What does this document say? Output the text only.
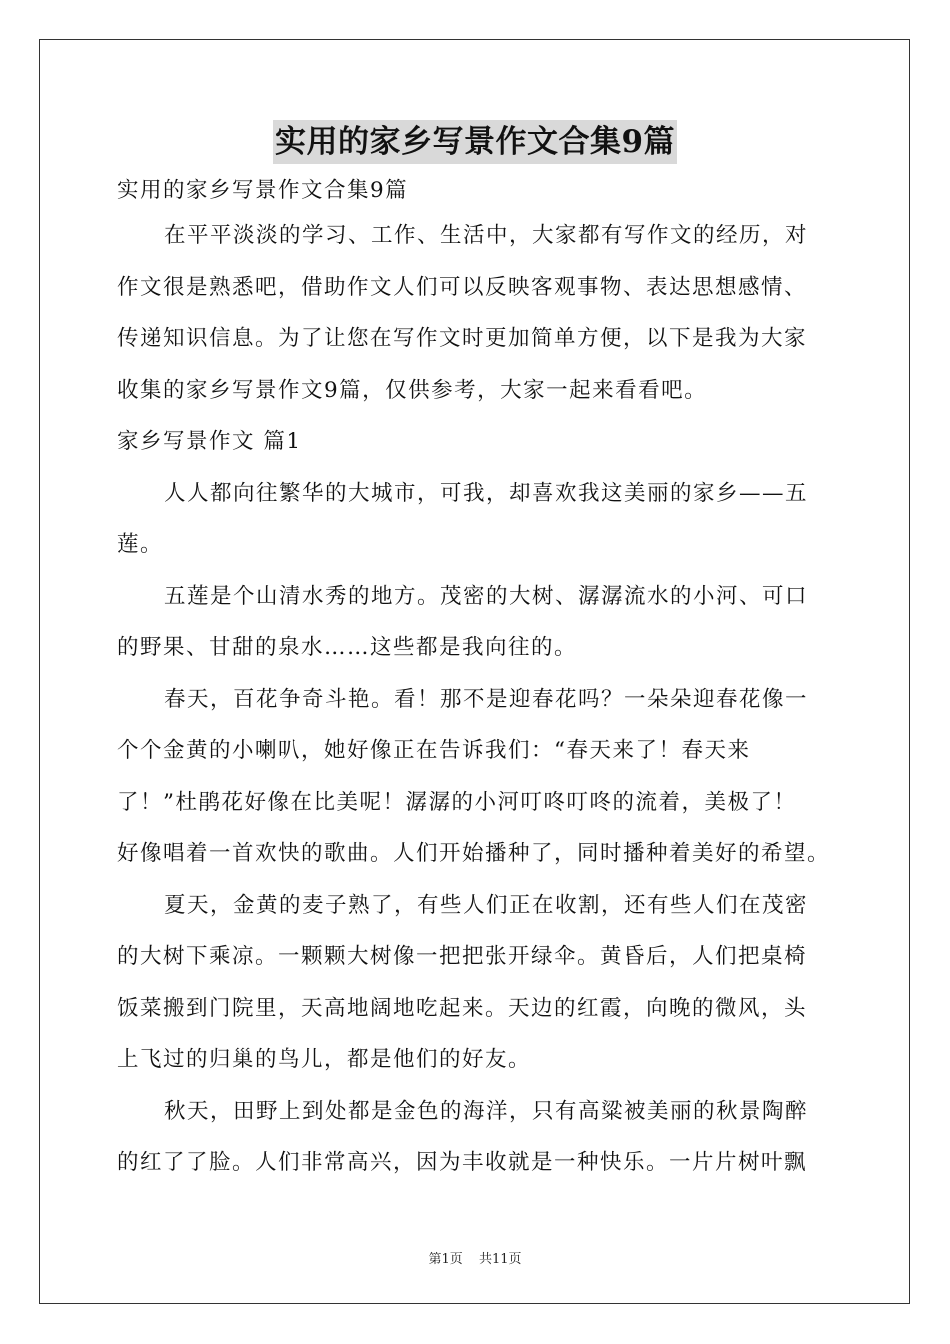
实用的家乡写景作文合集9篇

实用的家乡写景作文合集9篇

在平平淡淡的学习、工作、生活中，大家都有写作文的经历，对

作文很是熟悉吧，借助作文人们可以反映客观事物、表达思想感情、

传递知识信息。为了让您在写作文时更加简单方便，以下是我为大家

收集的家乡写景作文9篇，仅供参考，大家一起来看看吧。

家乡写景作文 篇1

人人都向往繁华的大城市，可我，却喜欢我这美丽的家乡——五

莲。

五莲是个山清水秀的地方。茂密的大树、潺潺流水的小河、可口

的野果、甘甜的泉水……这些都是我向往的。

春天，百花争奇斗艳。看！那不是迎春花吗？一朵朵迎春花像一

个个金黄的小喇叭，她好像正在告诉我们：“春天来了！春天来

了！”杜鹃花好像在比美呢！潺潺的小河叮咚叮咚的流着，美极了！

好像唱着一首欢快的歌曲。人们开始播种了，同时播种着美好的希望。

夏天，金黄的麦子熟了，有些人们正在收割，还有些人们在茂密

的大树下乘凉。一颗颗大树像一把把张开绿伞。黄昏后，人们把桌椅

饭菜搬到门院里，天高地阔地吃起来。天边的红霞，向晚的微风，头

上飞过的归巢的鸟儿，都是他们的好友。

秋天，田野上到处都是金色的海洋，只有高粱被美丽的秋景陶醉

的红了了脸。人们非常高兴，因为丰收就是一种快乐。一片片树叶飘

第1页 共11页
